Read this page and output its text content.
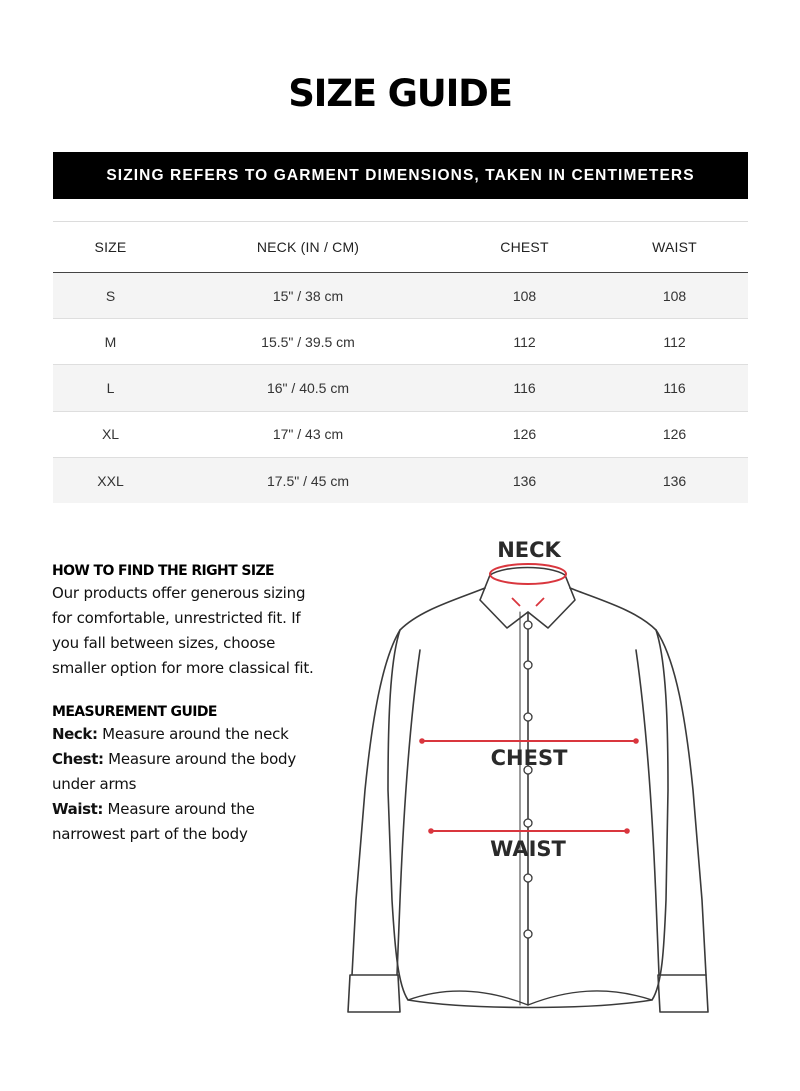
SIZE GUIDE
SIZING REFERS TO GARMENT DIMENSIONS, TAKEN IN CENTIMETERS
SIZE	NECK (IN / CM)	CHEST	WAIST
S	15" / 38 cm	108	108
M	15.5" / 39.5 cm	112	112
L	16" / 40.5 cm	116	116
XL	17" / 43 cm	126	126
XXL	17.5" / 45 cm	136	136
HOW TO FIND THE RIGHT SIZE

Our products offer generous sizing for comfortable, unrestricted fit. If you fall between sizes, choose smaller option for more classical fit.

MEASUREMENT GUIDE

Neck: Measure around the neck

Chest: Measure around the body under arms

Waist: Measure around the narrowest part of the body

NECK
CHEST
WAIST
